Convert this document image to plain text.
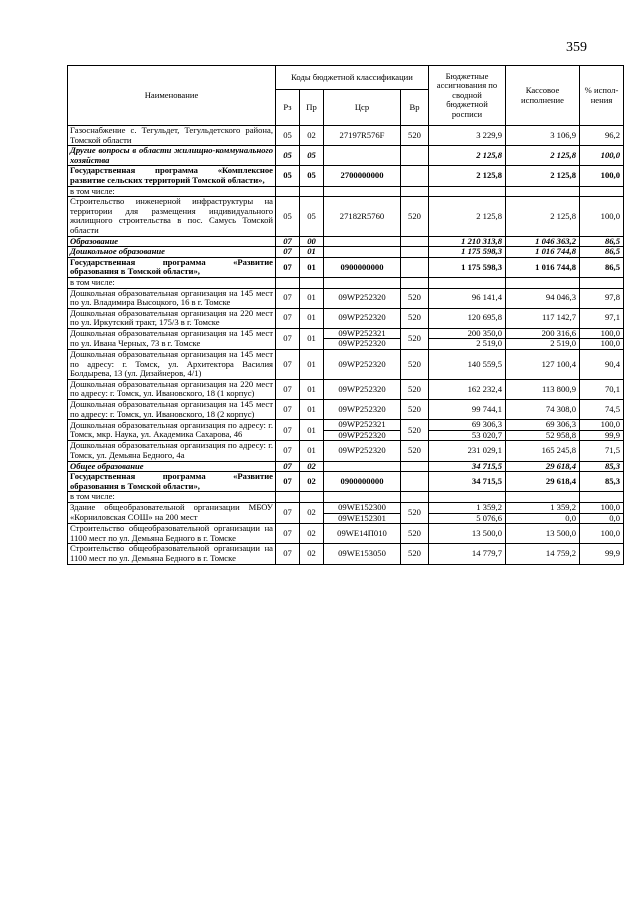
359
Наименование	Коды бюджетной классификации				Бюджетные ассигнования по сводной бюджетной росписи	Кассовое исполнение	% испол-нения
	Рз	Пр	Цср	Вр			
Газоснабжение с. Тегульдет, Тегульдетского района, Томской области	05	02	27197R576F	520	3 229,9	3 106,9	96,2
Другие вопросы в области жилищно-коммунального хозяйства	05	05			2 125,8	2 125,8	100,0
Государственная программа «Комплексное развитие сельских территорий Томской области»,	05	05	2700000000		2 125,8	2 125,8	100,0
в том числе:							
Строительство инженерной инфраструктуры на территории для размещения индивидуального жилищного строительства в пос. Самусь Томской области	05	05	27182R5760	520	2 125,8	2 125,8	100,0
Образование	07	00			1 210 313,8	1 046 363,2	86,5
Дошкольное образование	07	01			1 175 598,3	1 016 744,8	86,5
Государственная программа «Развитие образования в Томской области»,	07	01	0900000000		1 175 598,3	1 016 744,8	86,5
в том числе:							
Дошкольная образовательная организация на 145 мест по ул. Владимира Высоцкого, 16 в г. Томске	07	01	09WP252320	520	96 141,4	94 046,3	97,8
Дошкольная образовательная организация на 220 мест по ул. Иркутский тракт, 175/3 в г. Томске	07	01	09WP252320	520	120 695,8	117 142,7	97,1
Дошкольная образовательная организация на 145 мест по ул. Ивана Черных, 73 в г. Томске	07	01	09WP252321	520	200 350,0	200 316,6	100,0
			09WP252320		2 519,0	2 519,0	100,0
Дошкольная образовательная организация на 145 мест по адресу: г. Томск, ул. Архитектора Василия Болдырева, 13 (ул. Дизайнеров, 4/1)	07	01	09WP252320	520	140 559,5	127 100,4	90,4
Дошкольная образовательная организация на 220 мест по адресу: г. Томск, ул. Ивановского, 18 (1 корпус)	07	01	09WP252320	520	162 232,4	113 800,9	70,1
Дошкольная образовательная организация на 145 мест по адресу: г. Томск, ул. Ивановского, 18 (2 корпус)	07	01	09WP252320	520	99 744,1	74 308,0	74,5
Дошкольная образовательная организация по адресу: г. Томск, мкр. Наука, ул. Академика Сахарова, 46	07	01	09WP252321	520	69 306,3	69 306,3	100,0
			09WP252320		53 020,7	52 958,8	99,9
Дошкольная образовательная организация по адресу: г. Томск, ул. Демьяна Бедного, 4а	07	01	09WP252320	520	231 029,1	165 245,8	71,5
Общее образование	07	02			34 715,5	29 618,4	85,3
Государственная программа «Развитие образования в Томской области»,	07	02	0900000000		34 715,5	29 618,4	85,3
в том числе:							
Здание общеобразовательной организации МБОУ «Корниловская СОШ» на 200 мест	07	02	09WE152300	520	1 359,2	1 359,2	100,0
			09WE152301		5 076,6	0,0	0,0
Строительство общеобразовательной организации на 1100 мест по ул. Демьяна Бедного в г. Томске	07	02	09WE14П010	520	13 500,0	13 500,0	100,0
Строительство общеобразовательной организации на 1100 мест по ул. Демьяна Бедного в г. Томске	07	02	09WE153050	520	14 779,7	14 759,2	99,9
